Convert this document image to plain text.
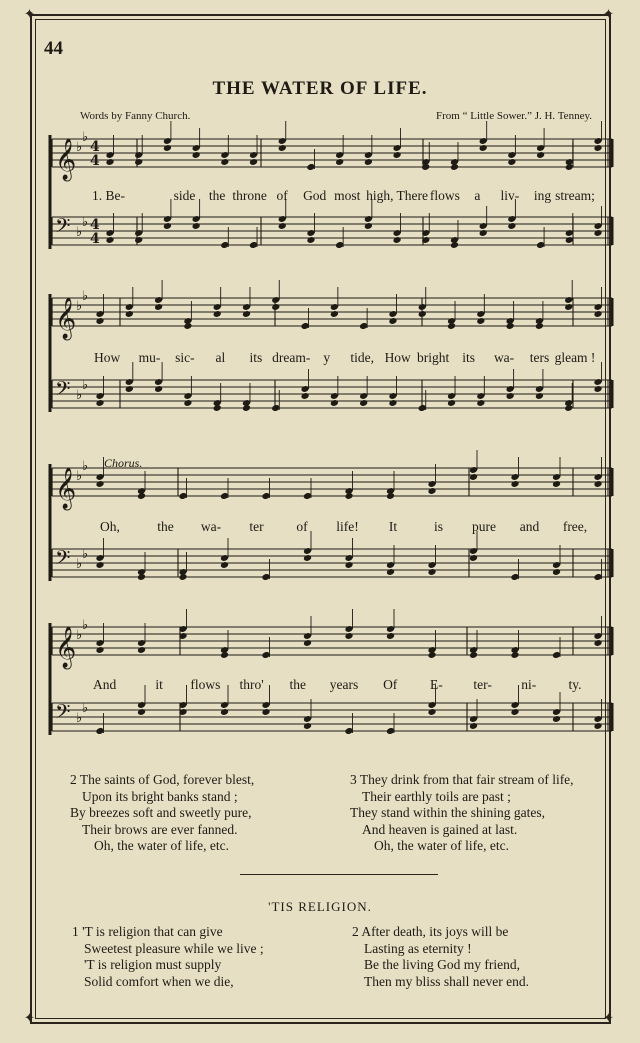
✦	✦
✦	✦
44
THE WATER OF LIFE.
Words by Fanny Church.	From “ Little Sower.” J. H. Tenney.
𝄞 ♭
♭
4
4
𝄢 ♭
♭ 4
4
𝄞 ♭
♭
𝄢 ♭
♭
𝄞 ♭
♭
𝄢 ♭
♭
𝄞 ♭
♭
𝄢 ♭
♭
Chorus.
1. Be-	side the throne of God most high, There flows a liv- ing stream;
How mu- sic- al its dream- y tide, How bright its wa- ters gleam !
Oh,	the wa- ter of life! It	is pure and free,
And	it flows thro' the years Of E- ter- ni- ty.
2 The saints of God, forever blest,
Upon its bright banks stand ;
By breezes soft and sweetly pure,
Their brows are ever fanned.
Oh, the water of life, etc.
3 They drink from that fair stream of life,
Their earthly toils are past ;
They stand within the shining gates,
And heaven is gained at last.
Oh, the water of life, etc.
'TIS RELIGION.
1 'T is religion that can give
Sweetest pleasure while we live ;
'T is religion must supply
Solid comfort when we die,
2 After death, its joys will be
Lasting as eternity !
Be the living God my friend,
Then my bliss shall never end.
